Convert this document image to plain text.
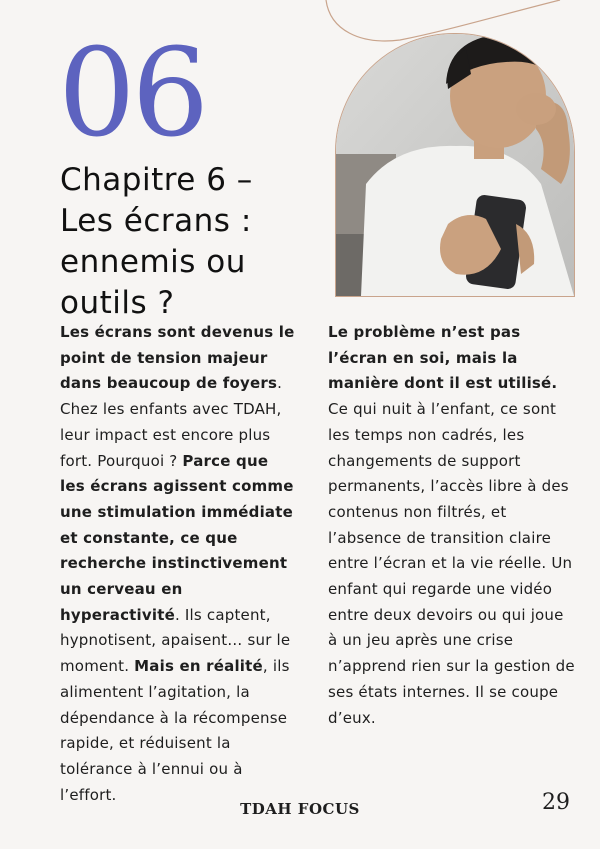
06
Chapitre 6 – Les écrans : ennemis ou outils ?

Les écrans sont devenus le point de tension majeur dans beaucoup de foyers. Chez les enfants avec TDAH, leur impact est encore plus fort. Pourquoi ? Parce que les écrans agissent comme une stimulation immédiate et constante, ce que recherche instinctivement un cerveau en hyperactivité. Ils captent, hypnotisent, apaisent… sur le moment. Mais en réalité, ils alimentent l’agitation, la dépendance à la récompense rapide, et réduisent la tolérance à l’ennui ou à l’effort.

Le problème n’est pas l’écran en soi, mais la manière dont il est utilisé. Ce qui nuit à l’enfant, ce sont les temps non cadrés, les changements de support permanents, l’accès libre à des contenus non filtrés, et l’absence de transition claire entre l’écran et la vie réelle. Un enfant qui regarde une vidéo entre deux devoirs ou qui joue à un jeu après une crise n’apprend rien sur la gestion de ses états internes. Il se coupe d’eux.

TDAH FOCUS	29
